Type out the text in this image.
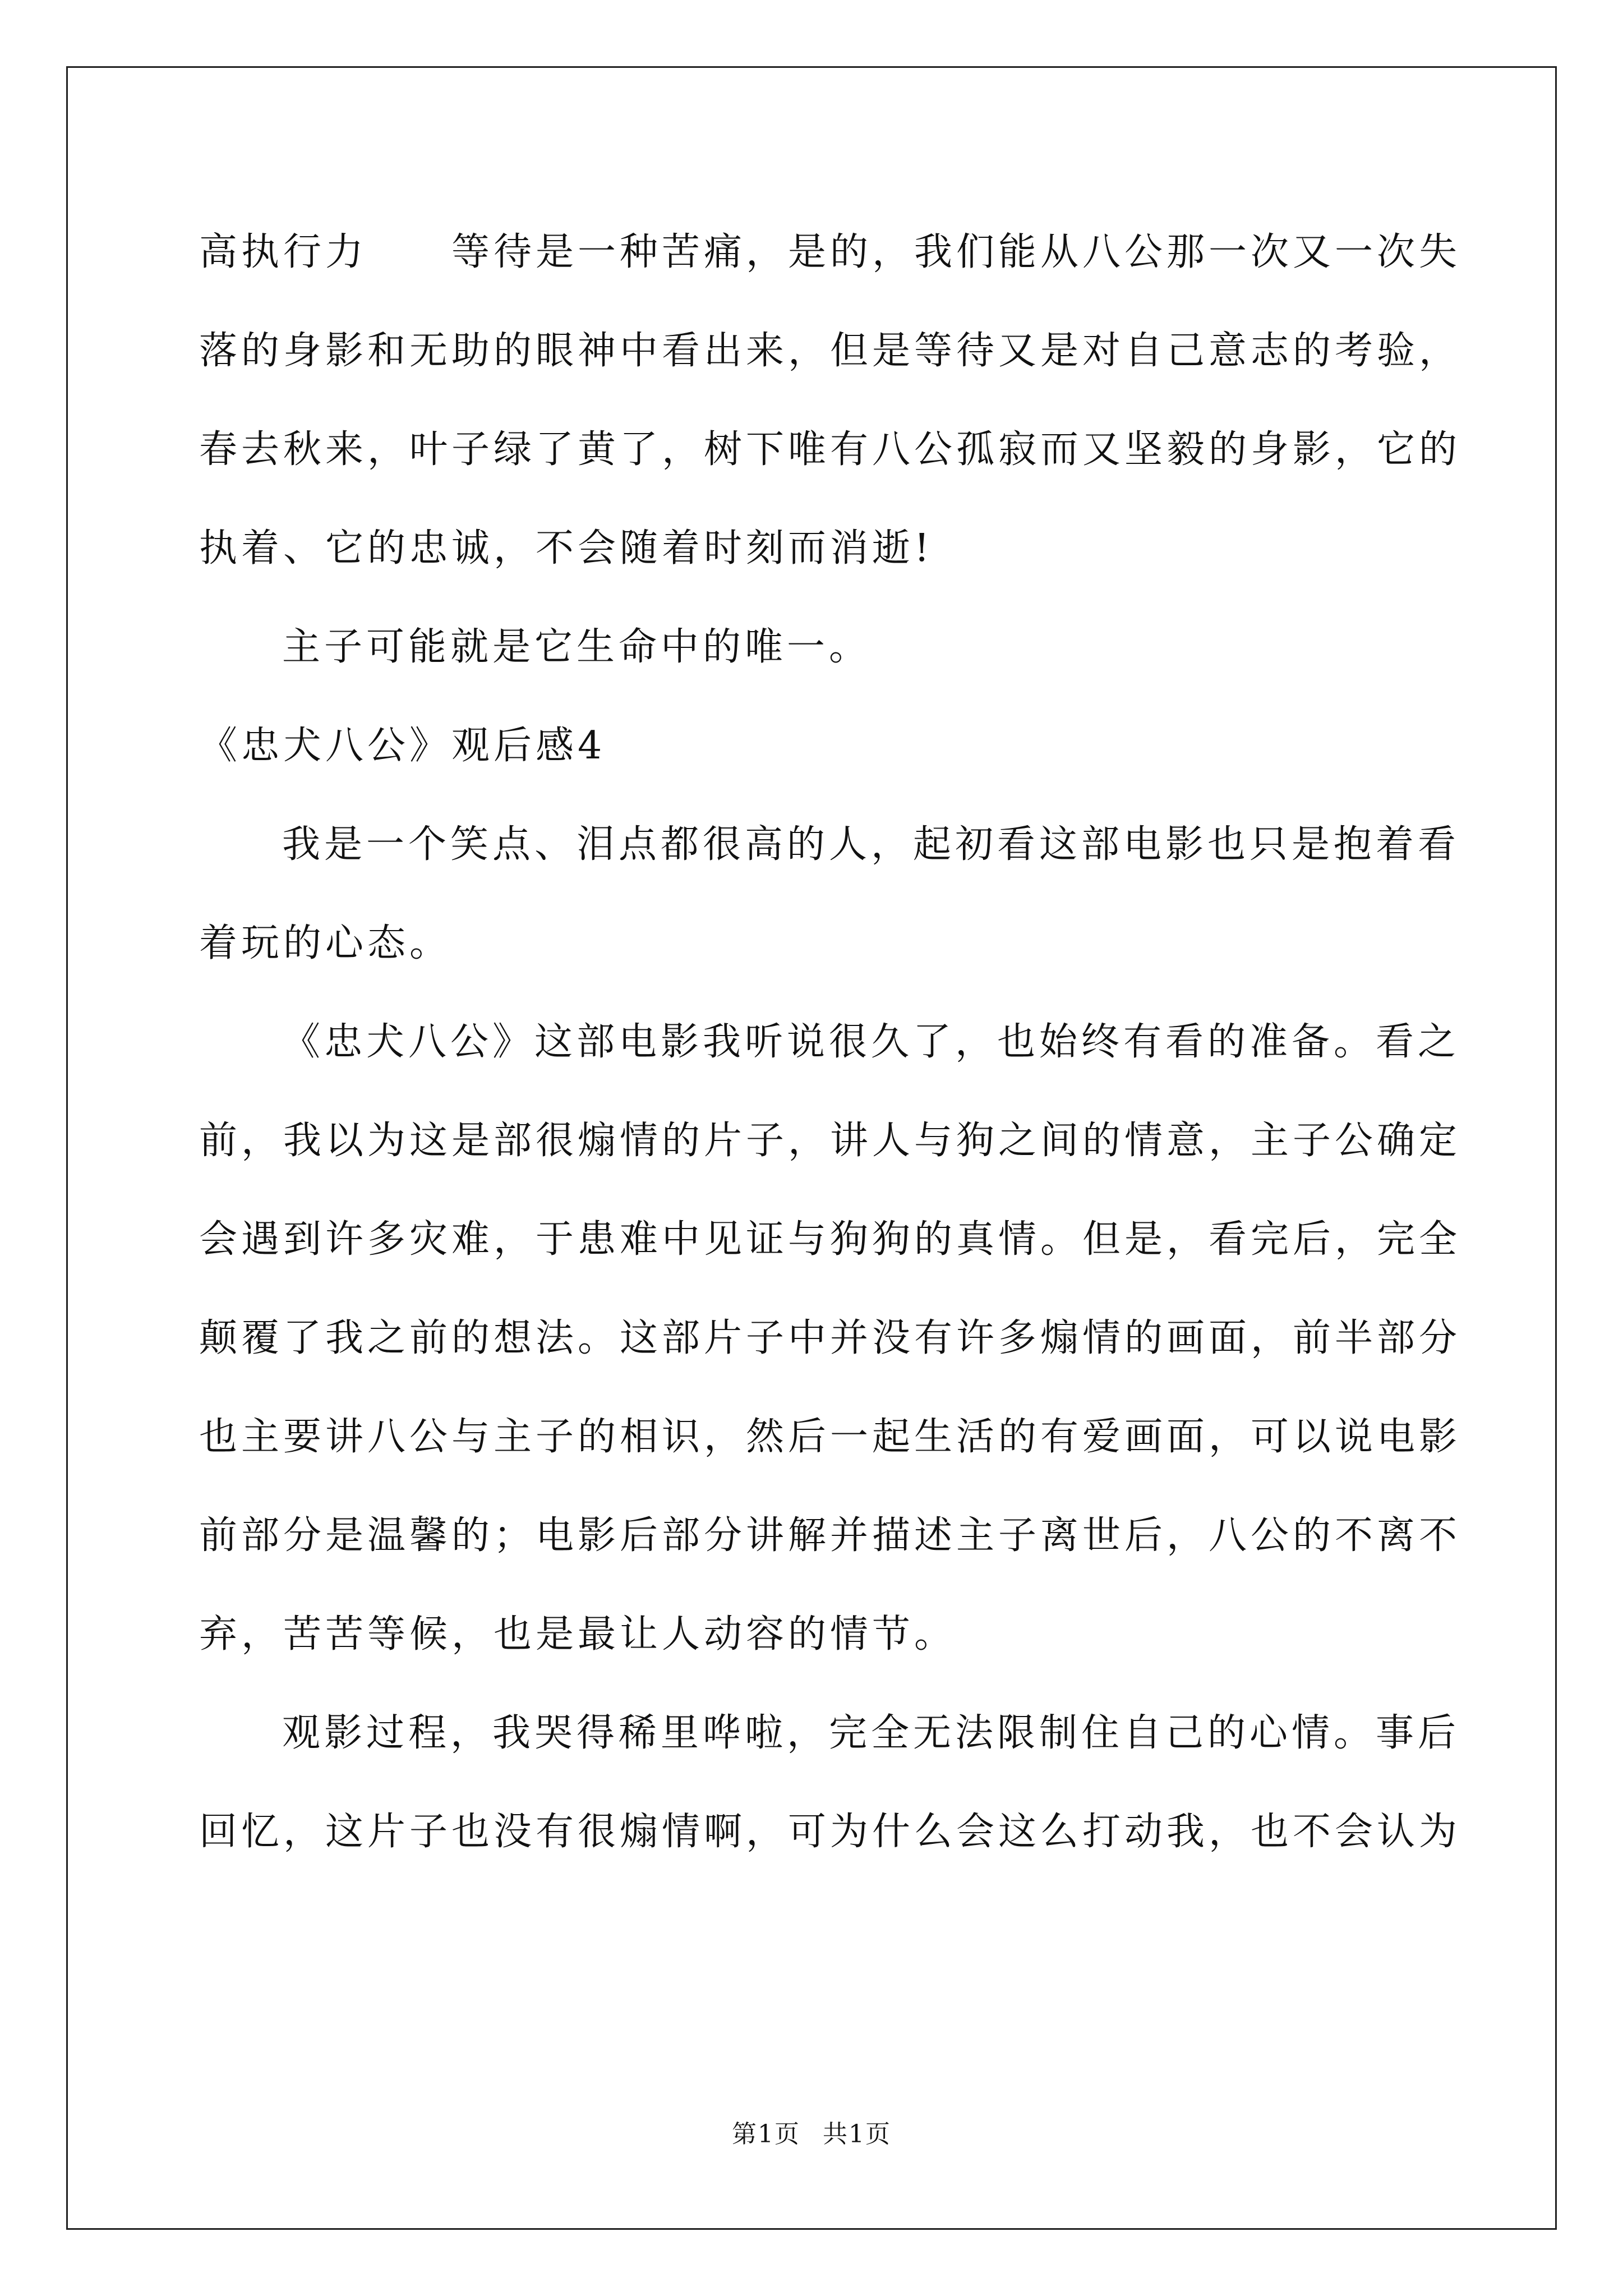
高执行力　　等待是一种苦痛，是的，我们能从八公那一次又一次失
落的身影和无助的眼神中看出来，但是等待又是对自己意志的考验，
春去秋来，叶子绿了黄了，树下唯有八公孤寂而又坚毅的身影，它的
执着、它的忠诚，不会随着时刻而消逝!
主子可能就是它生命中的唯一。
《忠犬八公》观后感4
我是一个笑点、泪点都很高的人，起初看这部电影也只是抱着看
着玩的心态。
《忠犬八公》这部电影我听说很久了，也始终有看的准备。看之
前，我以为这是部很煽情的片子，讲人与狗之间的情意，主子公确定
会遇到许多灾难，于患难中见证与狗狗的真情。但是，看完后，完全
颠覆了我之前的想法。这部片子中并没有许多煽情的画面，前半部分
也主要讲八公与主子的相识，然后一起生活的有爱画面，可以说电影
前部分是温馨的；电影后部分讲解并描述主子离世后，八公的不离不
弃，苦苦等候，也是最让人动容的情节。
观影过程，我哭得稀里哗啦，完全无法限制住自己的心情。事后
回忆，这片子也没有很煽情啊，可为什么会这么打动我，也不会认为
第1页 共1页
